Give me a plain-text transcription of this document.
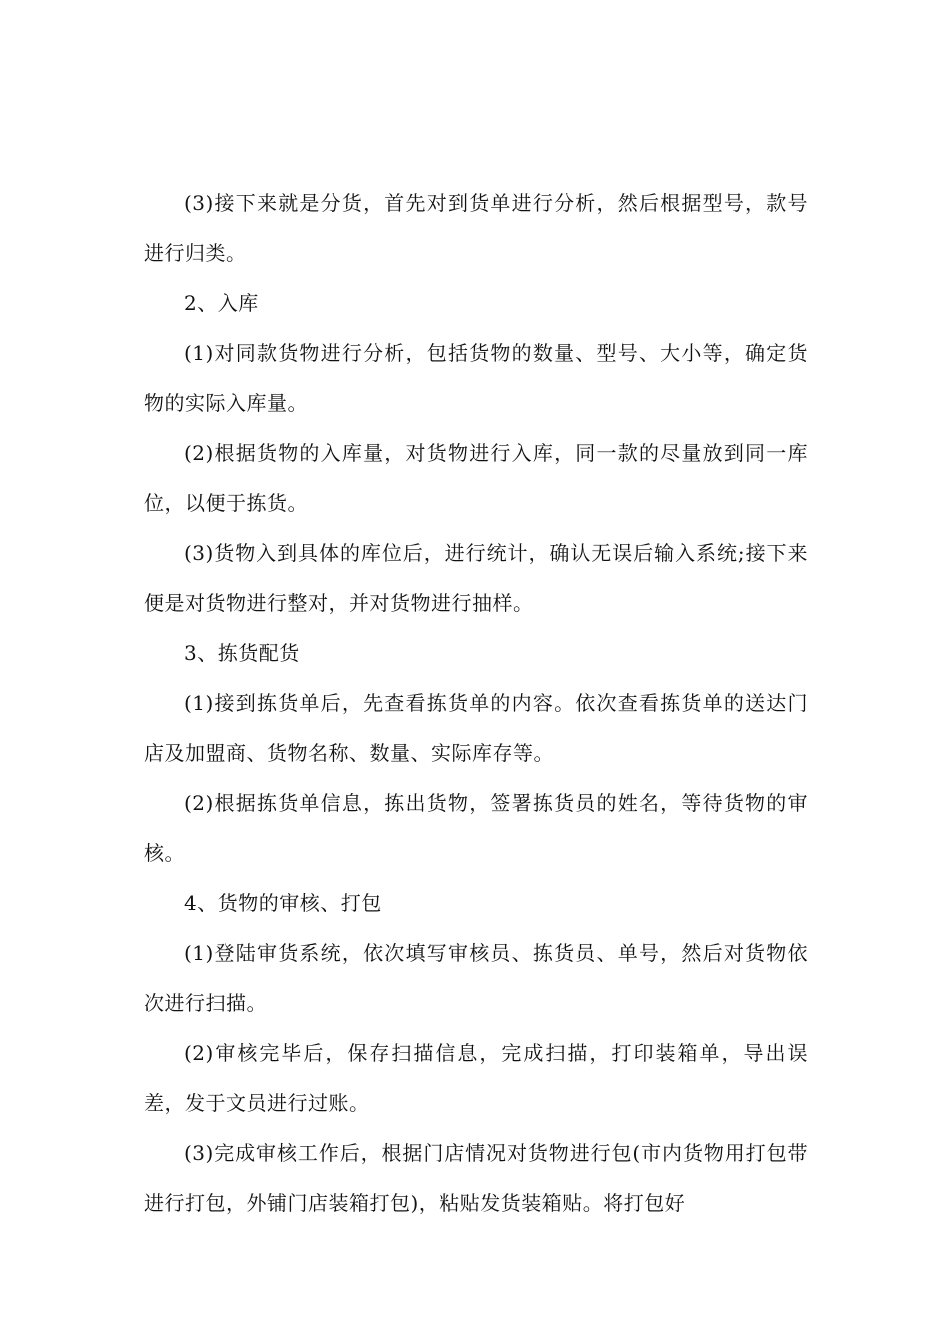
(3)接下来就是分货，首先对到货单进行分析，然后根据型号，款号进行归类。

2、入库

(1)对同款货物进行分析，包括货物的数量、型号、大小等，确定货物的实际入库量。

(2)根据货物的入库量，对货物进行入库，同一款的尽量放到同一库位，以便于拣货。

(3)货物入到具体的库位后，进行统计，确认无误后输入系统;接下来便是对货物进行整对，并对货物进行抽样。

3、拣货配货

(1)接到拣货单后，先查看拣货单的内容。依次查看拣货单的送达门店及加盟商、货物名称、数量、实际库存等。

(2)根据拣货单信息，拣出货物，签署拣货员的姓名，等待货物的审核。

4、货物的审核、打包

(1)登陆审货系统，依次填写审核员、拣货员、单号，然后对货物依次进行扫描。

(2)审核完毕后，保存扫描信息，完成扫描，打印装箱单，导出误差，发于文员进行过账。

(3)完成审核工作后，根据门店情况对货物进行包(市内货物用打包带进行打包，外铺门店装箱打包)，粘贴发货装箱贴。将打包好
